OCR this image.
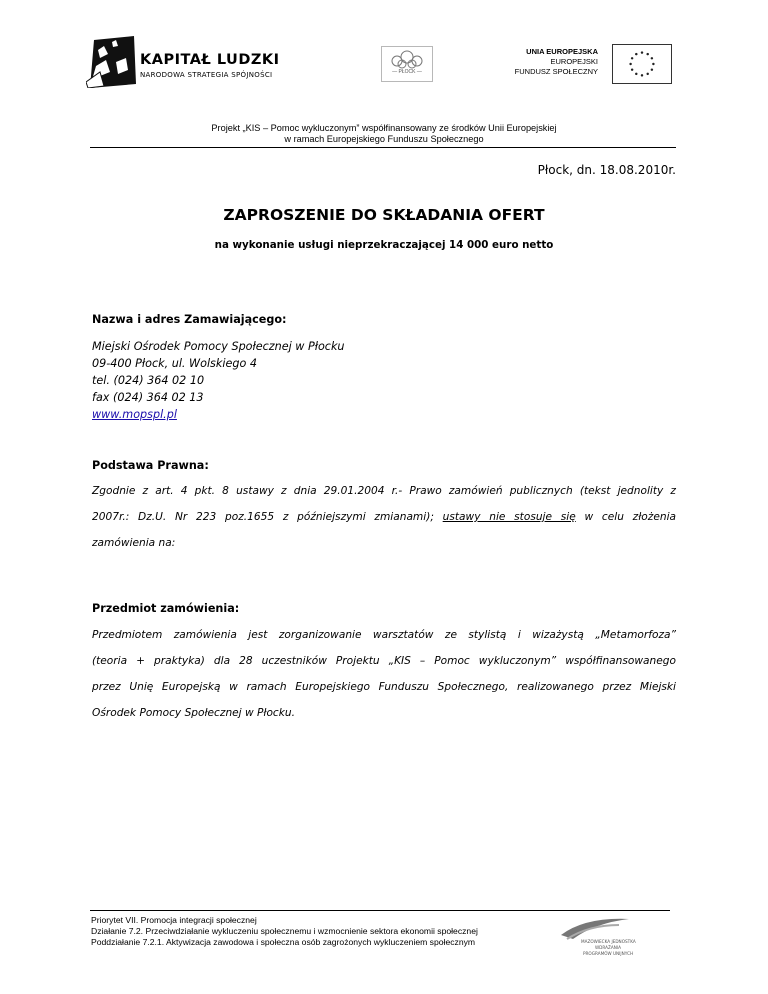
KAPITAŁ LUDZKI
NARODOWA STRATEGIA SPÓJNOŚCI	— PŁOCK —
UNIA EUROPEJSKA
EUROPEJSKI
FUNDUSZ SPOŁECZNY
Projekt „KIS – Pomoc wykluczonym” współfinansowany ze środków Unii Europejskiej
w ramach Europejskiego Funduszu Społecznego
Płock, dn. 18.08.2010r.
ZAPROSZENIE DO SKŁADANIA OFERT
na wykonanie usługi nieprzekraczającej 14 000 euro netto
Nazwa i adres Zamawiającego:
Miejski Ośrodek Pomocy Społecznej w Płocku
09-400 Płock, ul. Wolskiego 4
tel. (024) 364 02 10
fax (024) 364 02 13
www.mopspl.pl
Podstawa Prawna:
Zgodnie z art. 4 pkt. 8 ustawy z dnia 29.01.2004 r.- Prawo zamówień publicznych (tekst jednolity z
2007r.: Dz.U. Nr 223 poz.1655 z późniejszymi zmianami); ustawy nie stosuje się w celu złożenia
zamówienia na:
Przedmiot zamówienia:
Przedmiotem zamówienia jest zorganizowanie warsztatów ze stylistą i wizażystą „Metamorfoza”
(teoria + praktyka) dla 28 uczestników Projektu „KIS – Pomoc wykluczonym” współfinansowanego
przez Unię Europejską w ramach Europejskiego Funduszu Społecznego, realizowanego przez Miejski
Ośrodek Pomocy Społecznej w Płocku.
Priorytet VII. Promocja integracji społecznej
Działanie 7.2. Przeciwdziałanie wykluczeniu społecznemu i wzmocnienie sektora ekonomii społecznej
Poddziałanie 7.2.1. Aktywizacja zawodowa i społeczna osób zagrożonych wykluczeniem społecznym	MAZOWIECKA JEDNOSTKA
WDRAŻANIA
PROGRAMÓW UNIJNYCH
